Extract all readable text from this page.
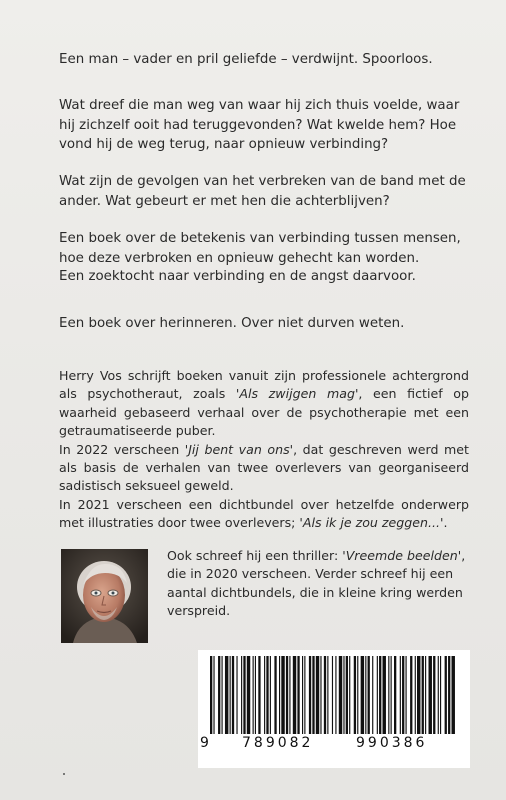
Een man – vader en pril geliefde – verdwijnt. Spoorloos.

Wat dreef die man weg van waar hij zich thuis voelde, waar hij zichzelf ooit had teruggevonden? Wat kwelde hem? Hoe vond hij de weg terug, naar opnieuw verbinding?

Wat zijn de gevolgen van het verbreken van de band met de ander. Wat gebeurt er met hen die achterblijven?

Een boek over de betekenis van verbinding tussen mensen, hoe deze verbroken en opnieuw gehecht kan worden.

Een zoektocht naar verbinding en de angst daarvoor.

Een boek over herinneren. Over niet durven weten.

Herry Vos schrijft boeken vanuit zijn professionele achtergrond als psychotheraut, zoals 'Als zwijgen mag', een fictief op waarheid gebaseerd verhaal over de psychotherapie met een getraumatiseerde puber.

In 2022 verscheen 'Jij bent van ons', dat geschreven werd met als basis de verhalen van twee overlevers van georganiseerd sadistisch seksueel geweld.

In 2021 verscheen een dichtbundel over hetzelfde onderwerp met illustraties door twee overlevers; 'Als ik je zou zeggen...'.

Ook schreef hij een thriller: 'Vreemde beelden', die in 2020 verscheen. Verder schreef hij een aantal dichtbundels, die in kleine kring werden verspreid.

9 789082	990386
